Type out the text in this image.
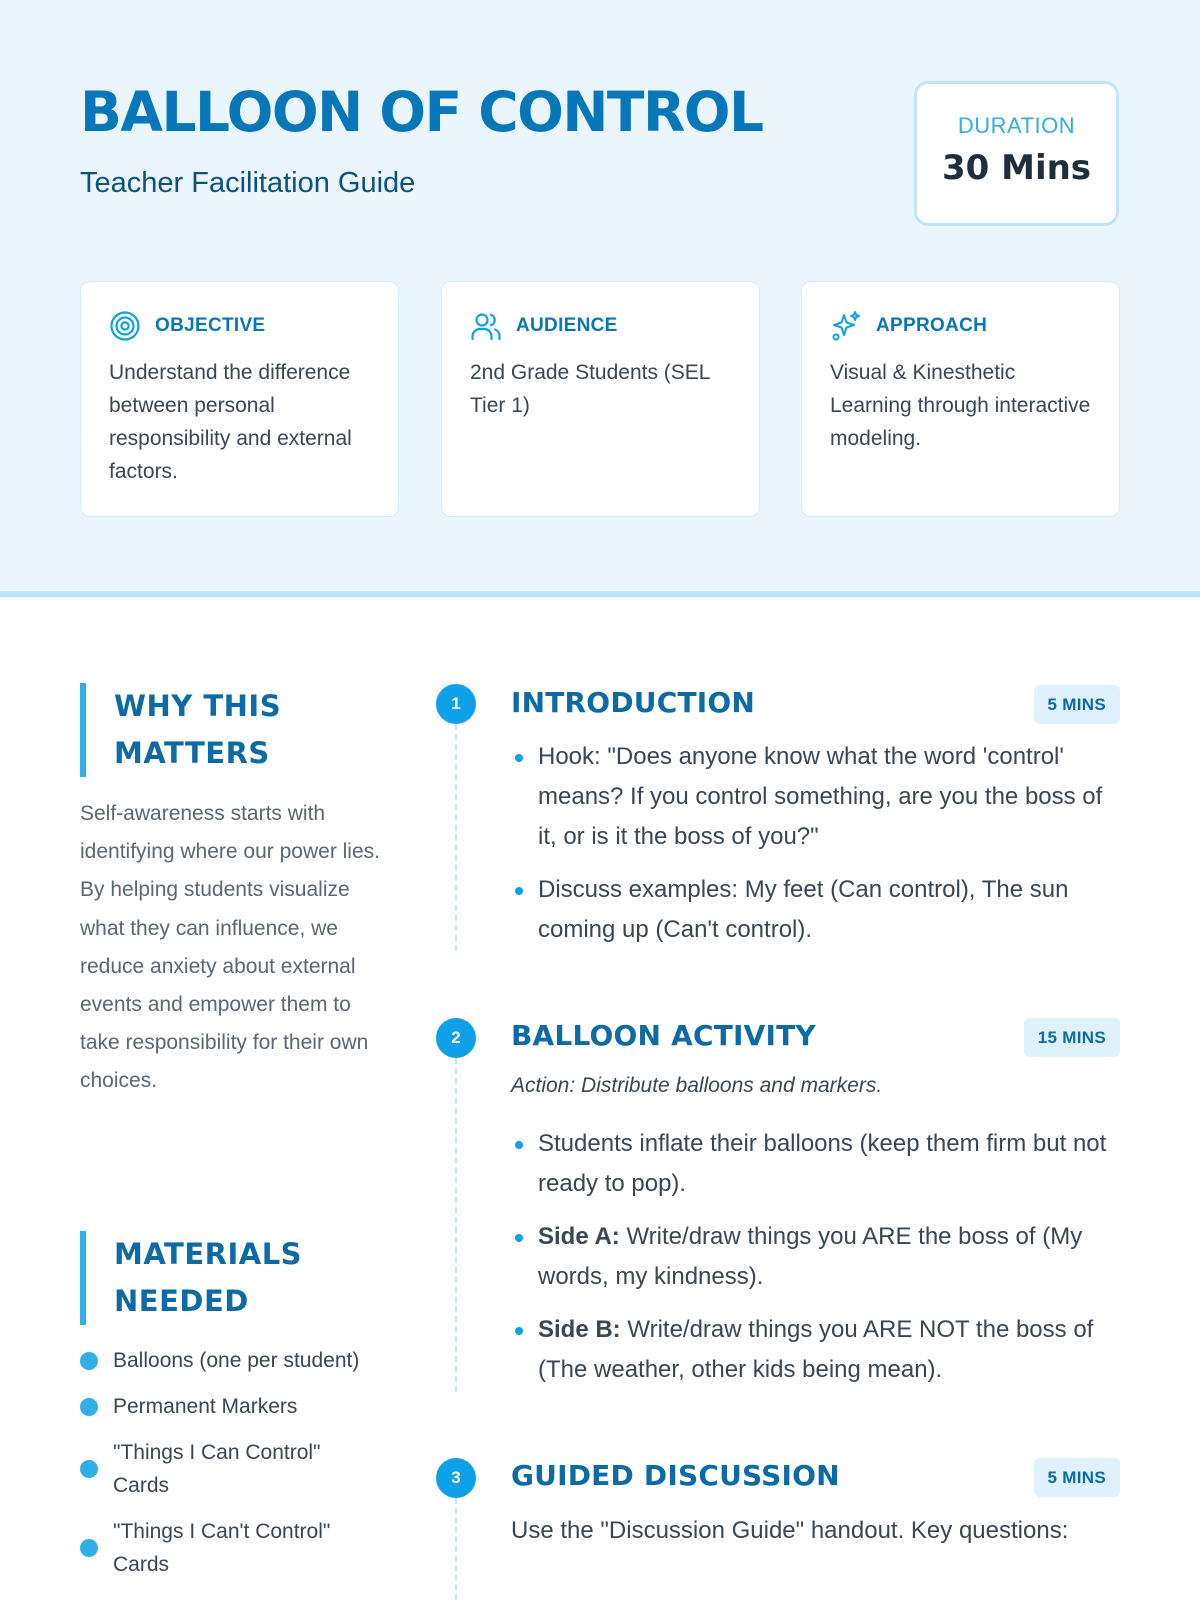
BALLOON OF CONTROL
Teacher Facilitation Guide
DURATION
30 Mins
OBJECTIVE
Understand the difference between personal responsibility and external factors.
AUDIENCE
2nd Grade Students (SEL Tier 1)
APPROACH
Visual & Kinesthetic Learning through interactive modeling.
WHY THIS MATTERS
Self-awareness starts with identifying where our power lies. By helping students visualize what they can influence, we reduce anxiety about external events and empower them to take responsibility for their own choices.
MATERIALS NEEDED
Balloons (one per student)
Permanent Markers
"Things I Can Control" Cards
"Things I Can't Control" Cards
1	INTRODUCTION	5 MINS
Hook: "Does anyone know what the word 'control' means? If you control something, are you the boss of it, or is it the boss of you?"
Discuss examples: My feet (Can control), The sun coming up (Can't control).
2	BALLOON ACTIVITY	15 MINS
Action: Distribute balloons and markers.
Students inflate their balloons (keep them firm but not ready to pop).
Side A: Write/draw things you ARE the boss of (My words, my kindness).
Side B: Write/draw things you ARE NOT the boss of (The weather, other kids being mean).
3	GUIDED DISCUSSION	5 MINS
Use the "Discussion Guide" handout. Key questions:
